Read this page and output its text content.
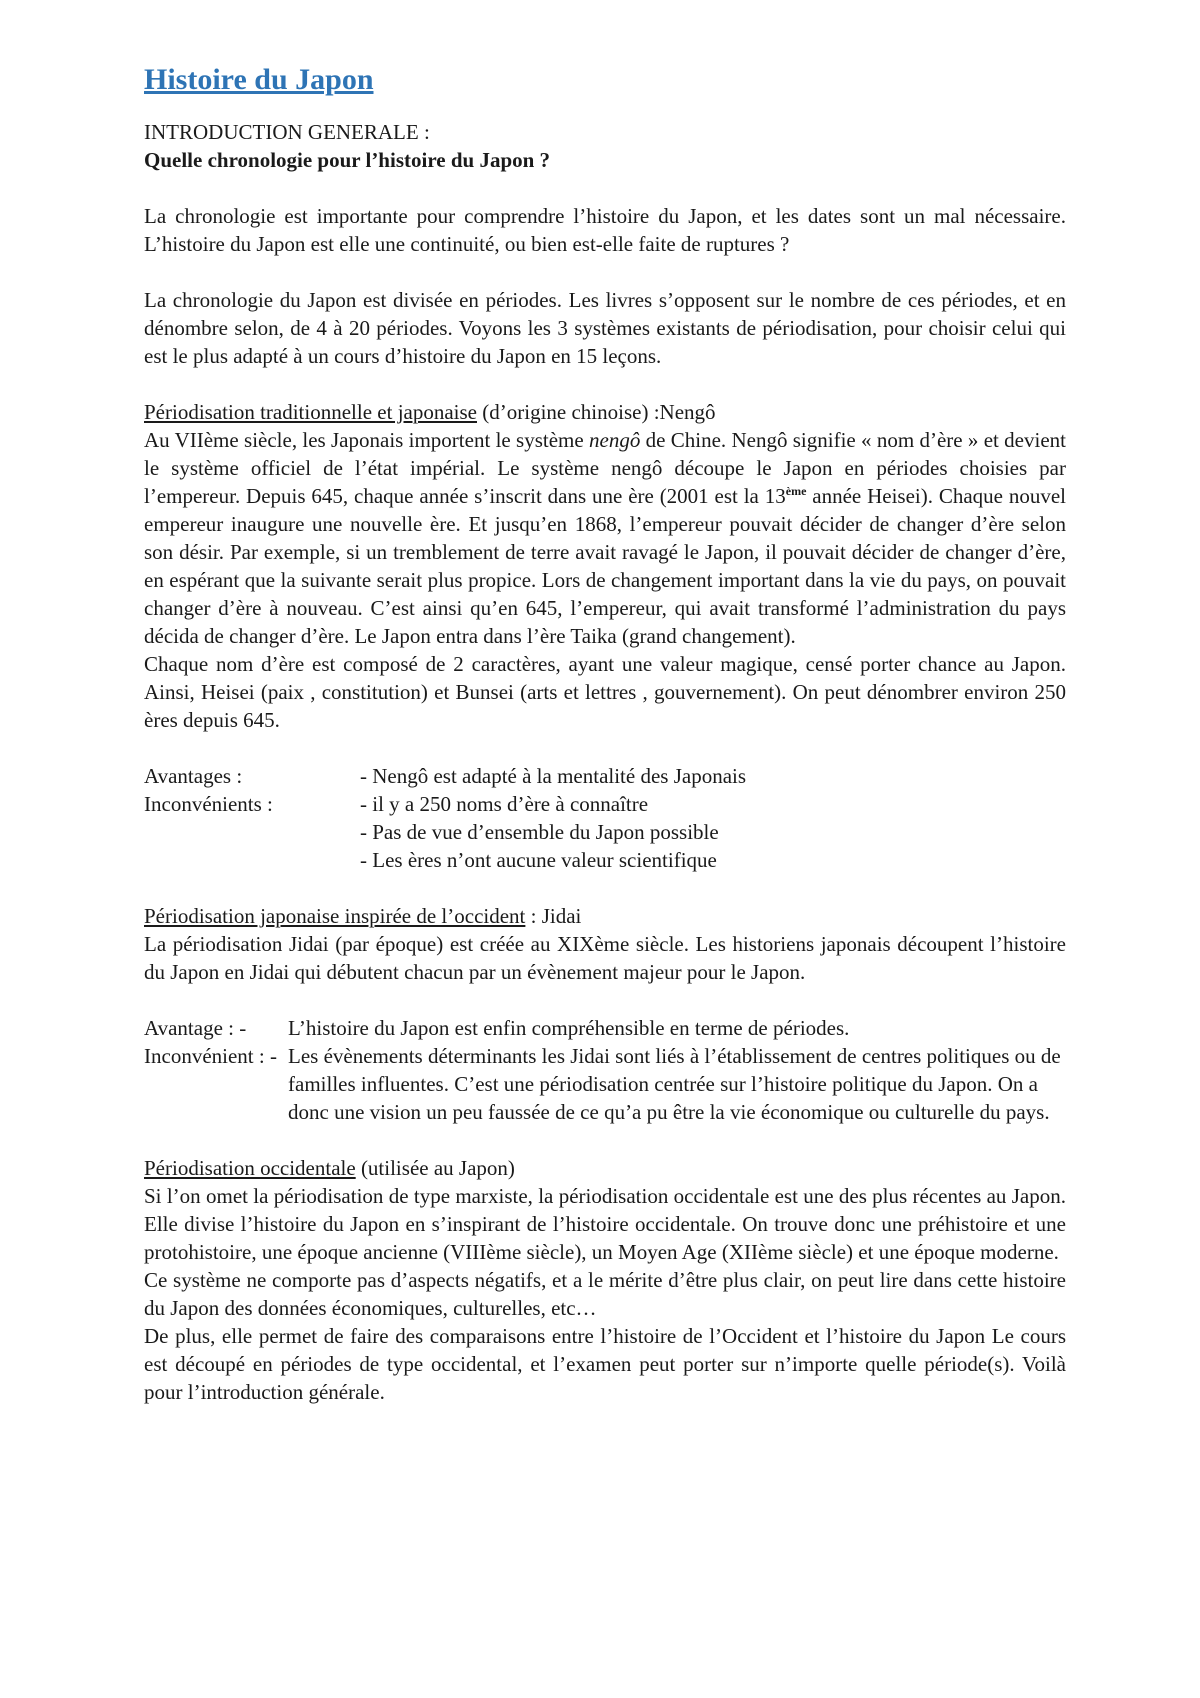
Histoire du Japon

INTRODUCTION GENERALE :

Quelle chronologie pour l’histoire du Japon ?

La chronologie est importante pour comprendre l’histoire du Japon, et les dates sont un mal nécessaire. L’histoire du Japon est elle une continuité, ou bien est-elle faite de ruptures ?

La chronologie du Japon est divisée en périodes. Les livres s’opposent sur le nombre de ces périodes, et en dénombre selon, de 4 à 20 périodes. Voyons les 3 systèmes existants de périodisation, pour choisir celui qui est le plus adapté à un cours d’histoire du Japon en 15 leçons.

Périodisation traditionnelle et japonaise (d’origine chinoise) :Nengô

Au VIIème siècle, les Japonais importent le système nengô de Chine. Nengô signifie « nom d’ère » et devient le système officiel de l’état impérial. Le système nengô découpe le Japon en périodes choisies par l’empereur. Depuis 645, chaque année s’inscrit dans une ère (2001 est la 13ème année Heisei). Chaque nouvel empereur inaugure une nouvelle ère. Et jusqu’en 1868, l’empereur pouvait décider de changer d’ère selon son désir. Par exemple, si un tremblement de terre avait ravagé le Japon, il pouvait décider de changer d’ère, en espérant que la suivante serait plus propice. Lors de changement important dans la vie du pays, on pouvait changer d’ère à nouveau. C’est ainsi qu’en 645, l’empereur, qui avait transformé l’administration du pays décida de changer d’ère. Le Japon entra dans l’ère Taika (grand changement).

Chaque nom d’ère est composé de 2 caractères, ayant une valeur magique, censé porter chance au Japon. Ainsi, Heisei (paix , constitution) et Bunsei (arts et lettres , gouvernement). On peut dénombrer environ 250 ères depuis 645.

Avantages :	- Nengô est adapté à la mentalité des Japonais
Inconvénients :	- il y a 250 noms d’ère à connaître
- Pas de vue d’ensemble du Japon possible
- Les ères n’ont aucune valeur scientifique

Périodisation japonaise inspirée de l’occident : Jidai

La périodisation Jidai (par époque) est créée au XIXème siècle. Les historiens japonais découpent l’histoire du Japon en Jidai qui débutent chacun par un évènement majeur pour le Japon.

Avantage : -	L’histoire du Japon est enfin compréhensible en terme de périodes.
Inconvénient : - Les évènements déterminants les Jidai sont liés à l’établissement de centres politiques ou de familles influentes. C’est une périodisation centrée sur l’histoire politique du Japon. On a donc une vision un peu faussée de ce qu’a pu être la vie économique ou culturelle du pays.

Périodisation occidentale (utilisée au Japon)

Si l’on omet la périodisation de type marxiste, la périodisation occidentale est une des plus récentes au Japon. Elle divise l’histoire du Japon en s’inspirant de l’histoire occidentale. On trouve donc une préhistoire et une protohistoire, une époque ancienne (VIIIème siècle), un Moyen Age (XIIème siècle) et une époque moderne.

Ce système ne comporte pas d’aspects négatifs, et a le mérite d’être plus clair, on peut lire dans cette histoire du Japon des données économiques, culturelles, etc…

De plus, elle permet de faire des comparaisons entre l’histoire de l’Occident et l’histoire du Japon Le cours est découpé en périodes de type occidental, et l’examen peut porter sur n’importe quelle période(s). Voilà pour l’introduction générale.
